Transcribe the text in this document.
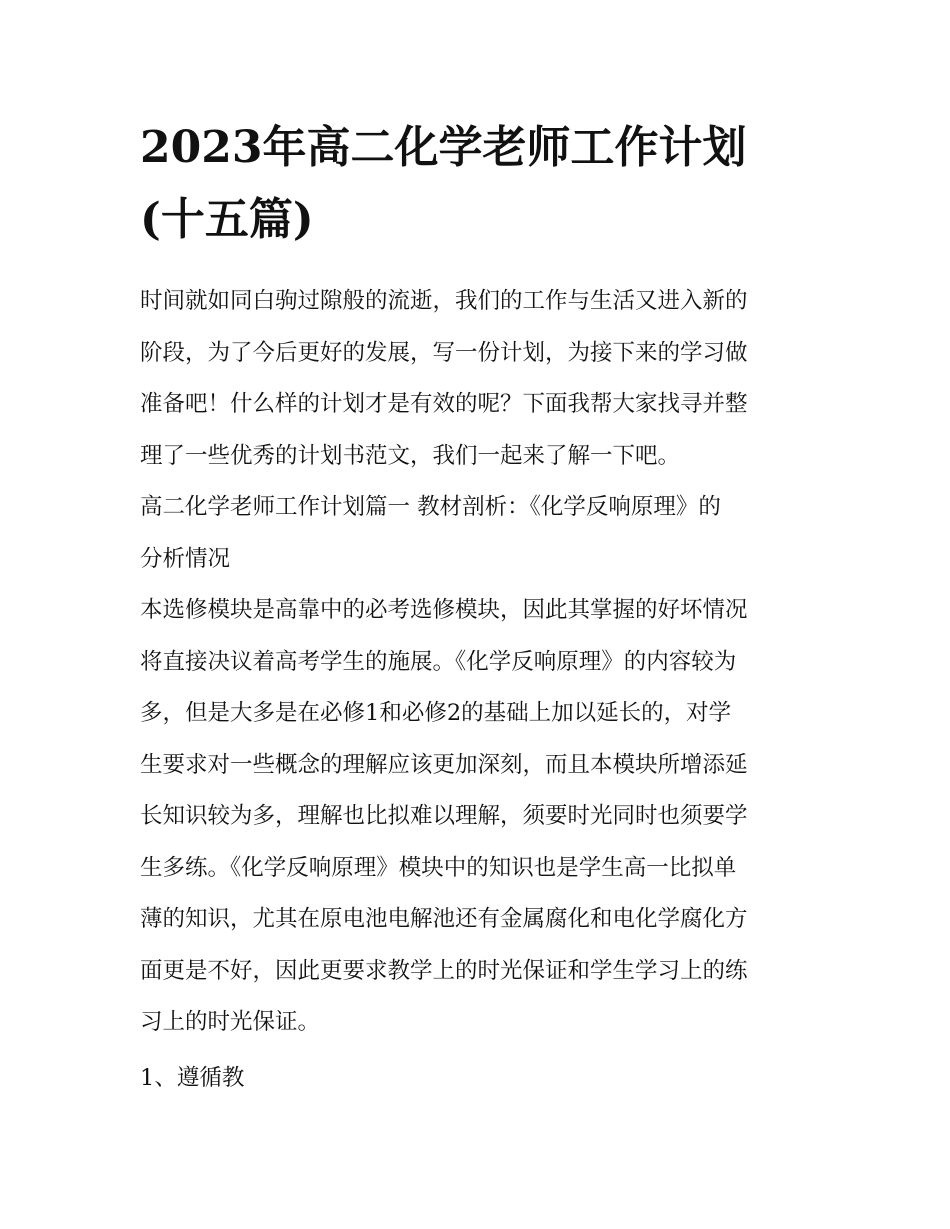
2023年高二化学老师工作计划
(十五篇)

时间就如同白驹过隙般的流逝，我们的工作与生活又进入新的
阶段，为了今后更好的发展，写一份计划，为接下来的学习做
准备吧！什么样的计划才是有效的呢？下面我帮大家找寻并整
理了一些优秀的计划书范文，我们一起来了解一下吧。

高二化学老师工作计划篇一 教材剖析：《化学反响原理》的
分析情况

本选修模块是高靠中的必考选修模块，因此其掌握的好坏情况
将直接决议着高考学生的施展。《化学反响原理》的内容较为
多，但是大多是在必修1和必修2的基础上加以延长的，对学
生要求对一些概念的理解应该更加深刻，而且本模块所增添延
长知识较为多，理解也比拟难以理解，须要时光同时也须要学
生多练。《化学反响原理》模块中的知识也是学生高一比拟单
薄的知识，尤其在原电池电解池还有金属腐化和电化学腐化方
面更是不好，因此更要求教学上的时光保证和学生学习上的练
习上的时光保证。

1、遵循教
